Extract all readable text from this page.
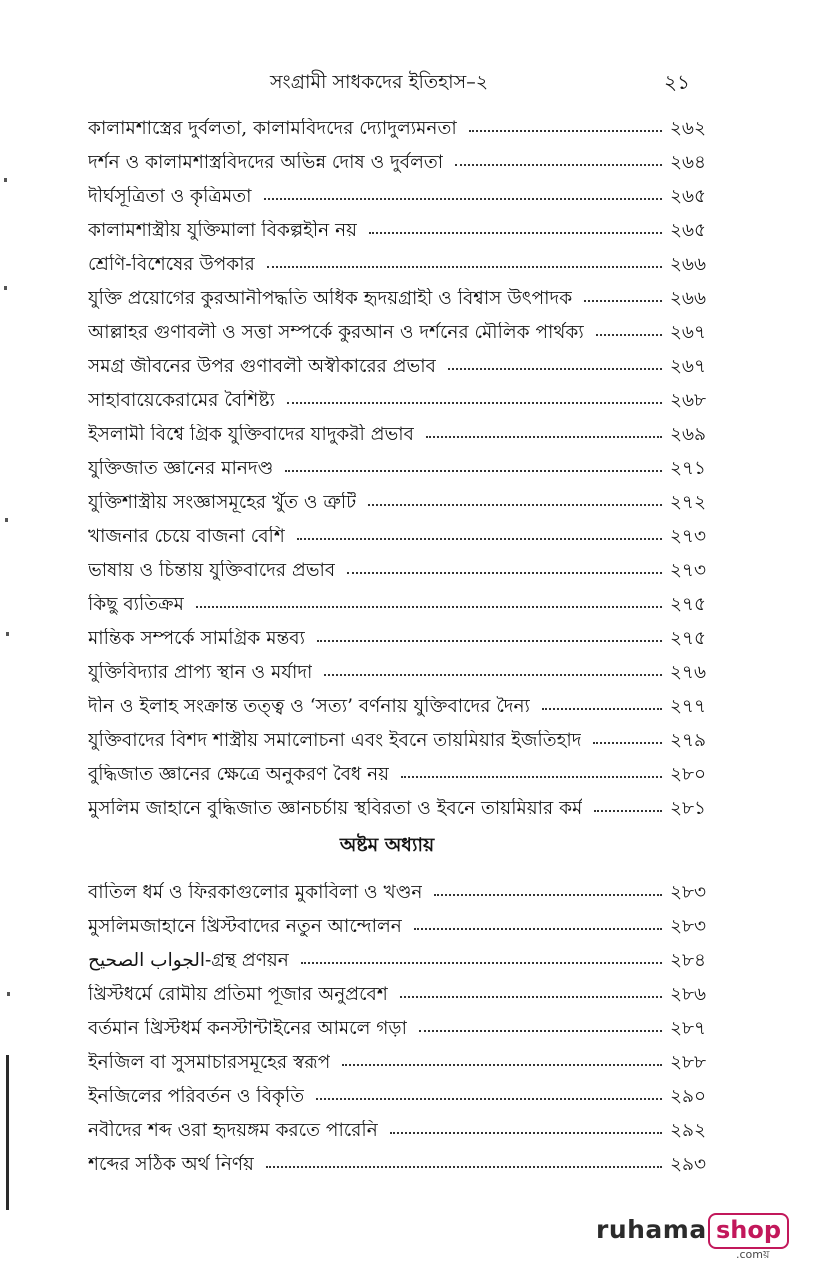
সংগ্রামী সাধকদের ইতিহাস–২	২১
কালামশাস্ত্রের দুর্বলতা, কালামবিদদের দ্যোদুল্যমনতা	২৬২
দর্শন ও কালামশাস্ত্রবিদদের অভিন্ন দোষ ও দুর্বলতা	২৬৪
দীর্ঘসূত্রিতা ও কৃত্রিমতা	২৬৫
কালামশাস্ত্রীয় যুক্তিমালা বিকল্পহীন নয়	২৬৫
শ্রেণি-বিশেষের উপকার	২৬৬
যুক্তি প্রয়োগের কুরআনীপদ্ধতি অধিক হৃদয়গ্রাহী ও বিশ্বাস উৎপাদক	২৬৬
আল্লাহর গুণাবলী ও সত্তা সম্পর্কে কুরআন ও দর্শনের মৌলিক পার্থক্য	২৬৭
সমগ্র জীবনের উপর গুণাবলী অস্বীকারের প্রভাব	২৬৭
সাহাবায়েকেরামের বৈশিষ্ট্য	২৬৮
ইসলামী বিশ্বে গ্রিক যুক্তিবাদের যাদুকরী প্রভাব	২৬৯
যুক্তিজাত জ্ঞানের মানদণ্ড	২৭১
যুক্তিশাস্ত্রীয় সংজ্ঞাসমূহের খুঁত ও ত্রুটি	২৭২
খাজনার চেয়ে বাজনা বেশি	২৭৩
ভাষায় ও চিন্তায় যুক্তিবাদের প্রভাব	২৭৩
কিছু ব্যতিক্রম	২৭৫
মান্তিক সম্পর্কে সামগ্রিক মন্তব্য	২৭৫
যুক্তিবিদ্যার প্রাপ্য স্থান ও মর্যাদা	২৭৬
দীন ও ইলাহ সংক্রান্ত তত্ত্ব ও ‘সত্য’ বর্ণনায় যুক্তিবাদের দৈন্য	২৭৭
যুক্তিবাদের বিশদ শাস্ত্রীয় সমালোচনা এবং ইবনে তায়মিয়ার ইজতিহাদ	২৭৯
বুদ্ধিজাত জ্ঞানের ক্ষেত্রে অনুকরণ বৈধ নয়	২৮০
মুসলিম জাহানে বুদ্ধিজাত জ্ঞানচর্চায় স্থবিরতা ও ইবনে তায়মিয়ার কর্ম	২৮১
অষ্টম অধ্যায়
বাতিল ধর্ম ও ফিরকাগুলোর মুকাবিলা ও খণ্ডন	২৮৩
মুসলিমজাহানে খ্রিস্টবাদের নতুন আন্দোলন	২৮৩
الجواب الصحيح-গ্রন্থ প্রণয়ন	২৮৪
খ্রিস্টধর্মে রোমীয় প্রতিমা পূজার অনুপ্রবেশ	২৮৬
বর্তমান খ্রিস্টধর্ম কনস্টান্টাইনের আমলে গড়া	২৮৭
ইনজিল বা সুসমাচারসমূহের স্বরূপ	২৮৮
ইনজিলের পরিবর্তন ও বিকৃতি	২৯০
নবীদের শব্দ ওরা হৃদয়ঙ্গম করতে পারেনি	২৯২
শব্দের সঠিক অর্থ নির্ণয়	২৯৩
ruhama shop
.comয়
